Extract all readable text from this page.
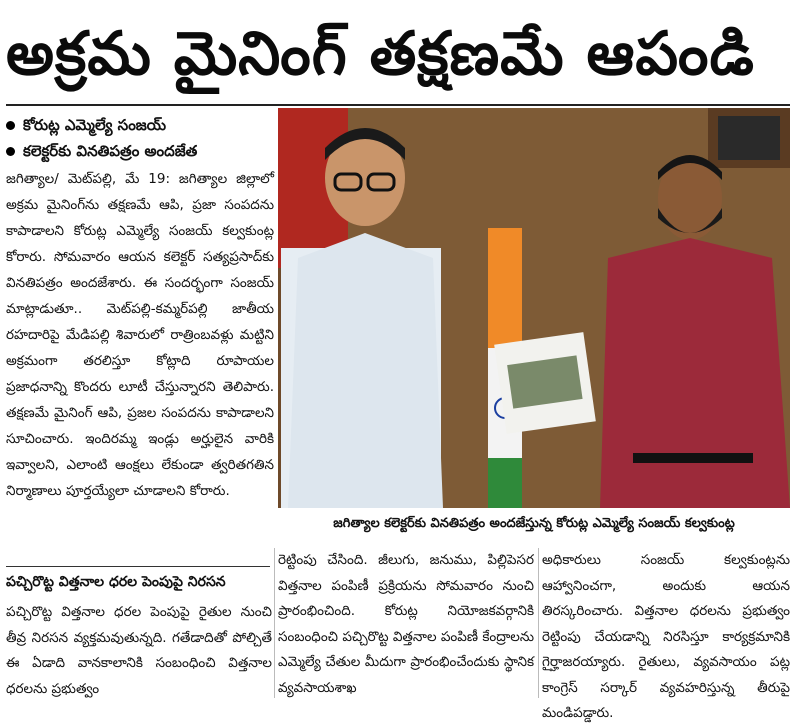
అక్రమ మైనింగ్ తక్షణమే ఆపండి
కోరుట్ల ఎమ్మెల్యే సంజయ్
కలెక్టర్‌కు వినతిపత్రం అందజేత
జగిత్యాల/ మెట్‌పల్లి, మే 19: జగిత్యాల జిల్లాలో అక్రమ మైనింగ్‌ను తక్షణమే ఆపి, ప్రజా సంపదను కాపాడాలని కోరుట్ల ఎమ్మెల్యే సంజయ్ కల్వకుంట్ల కోరారు. సోమవారం ఆయన కలెక్టర్ సత్యప్రసాద్‌కు వినతిపత్రం అందజేశారు. ఈ సందర్భంగా సంజయ్ మాట్లాడుతూ.. మెట్‌పల్లి-కమ్మర్‌పల్లి జాతీయ రహదారిపై మేడిపల్లి శివారులో రాత్రింబవళ్లు మట్టిని అక్రమంగా తరలిస్తూ కోట్లాది రూపాయల ప్రజాధనాన్ని కొందరు లూటీ చేస్తున్నారని తెలిపారు. తక్షణమే మైనింగ్ ఆపి, ప్రజల సంపదను కాపాడాలని సూచించారు. ఇందిరమ్మ ఇండ్లు అర్హులైన వారికి ఇవ్వాలని, ఎలాంటి ఆంక్షలు లేకుండా త్వరితగతిన నిర్మాణాలు పూర్తయ్యేలా చూడాలని కోరారు.
జగిత్యాల కలెక్టర్‌కు వినతిపత్రం అందజేస్తున్న కోరుట్ల ఎమ్మెల్యే సంజయ్ కల్వకుంట్ల
పచ్చిరొట్ట విత్తనాల ధరల పెంపుపై నిరసన
పచ్చిరొట్ట విత్తనాల ధరల పెంపుపై రైతుల నుంచి తీవ్ర నిరసన వ్యక్తమవుతున్నది. గతేడాదితో పోల్చితే ఈ ఏడాది వానకాలానికి సంబంధించి విత్తనాల ధరలను ప్రభుత్వం
రెట్టింపు చేసింది. జీలుగు, జనుము, పిల్లిపెసర విత్తనాల పంపిణీ ప్రక్రియను సోమవారం నుంచి ప్రారంభించింది. కోరుట్ల నియోజకవర్గానికి సంబంధించి పచ్చిరొట్ట విత్తనాల పంపిణీ కేంద్రాలను ఎమ్మెల్యే చేతుల మీదుగా ప్రారంభించేందుకు స్థానిక వ్యవసాయశాఖ
అధికారులు సంజయ్ కల్వకుంట్లను ఆహ్వానించగా, అందుకు ఆయన తిరస్కరించారు. విత్తనాల ధరలను ప్రభుత్వం రెట్టింపు చేయడాన్ని నిరసిస్తూ కార్యక్రమానికి గైర్హాజరయ్యారు. రైతులు, వ్యవసాయం పట్ల కాంగ్రెస్ సర్కార్ వ్యవహరిస్తున్న తీరుపై మండిపడ్డారు.
